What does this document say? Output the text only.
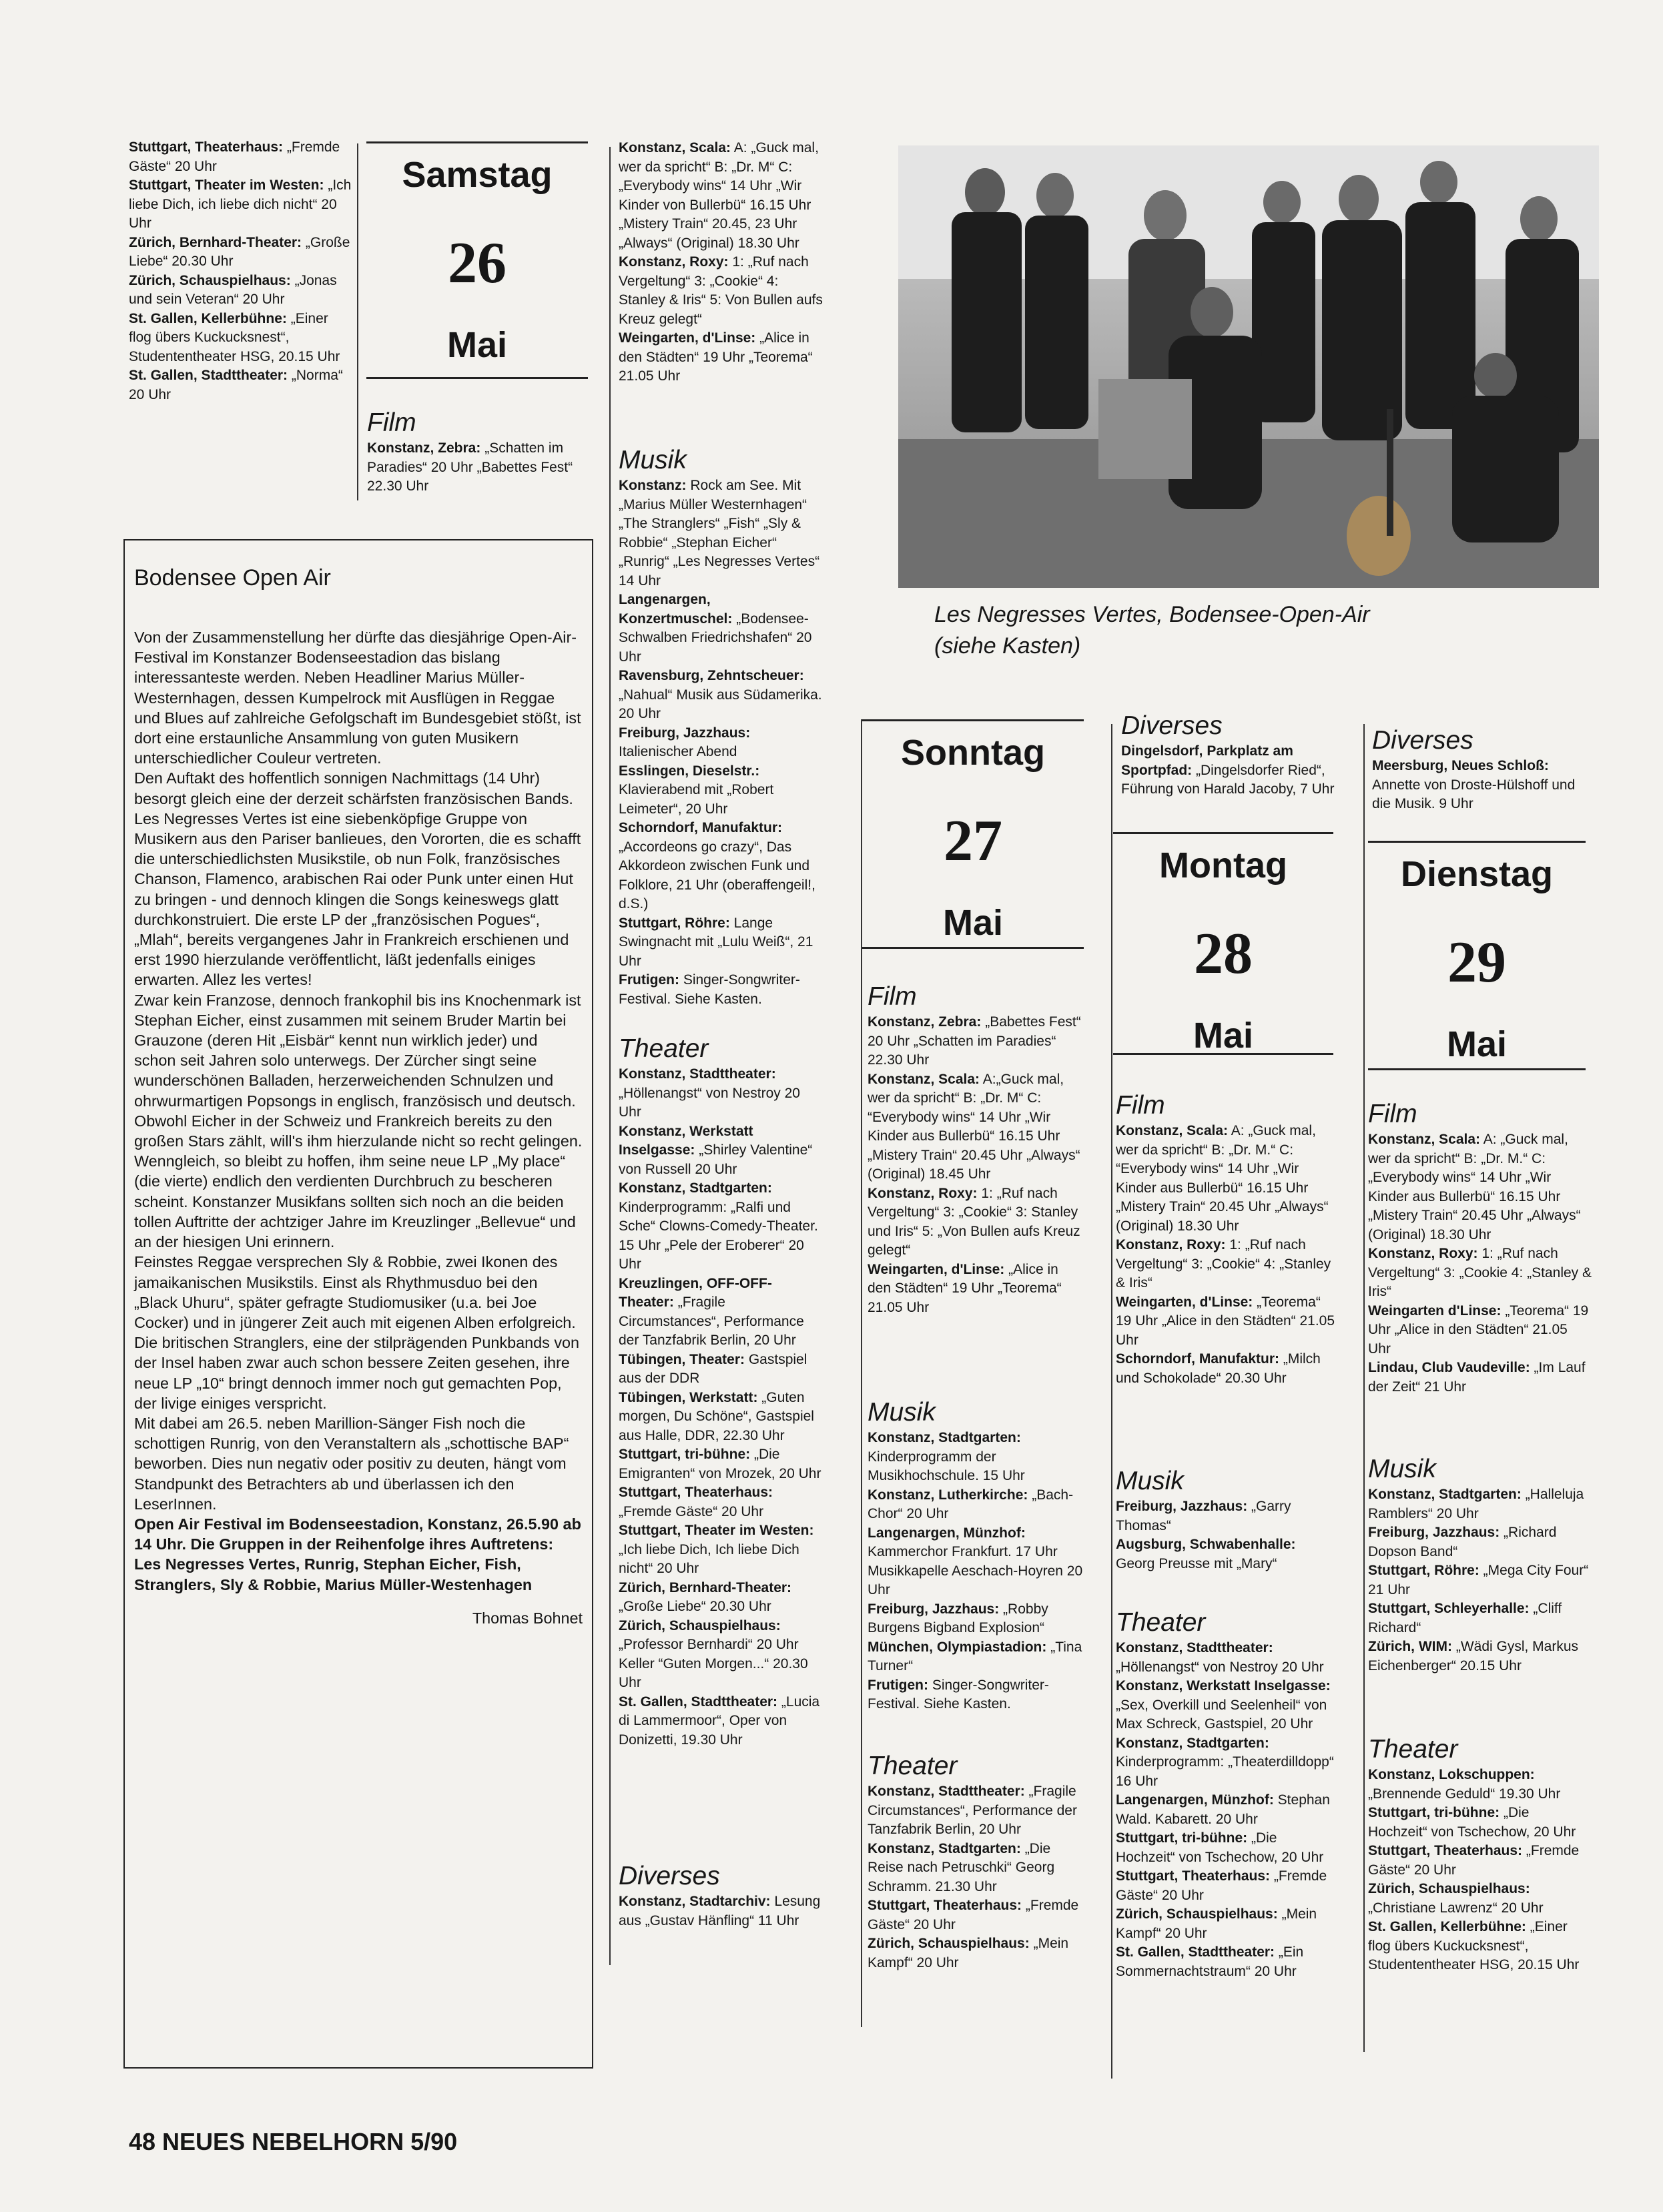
Stuttgart, Theaterhaus: „Fremde Gäste“ 20 Uhr

Stuttgart, Theater im Westen: „Ich liebe Dich, ich liebe dich nicht“ 20 Uhr

Zürich, Bernhard-Theater: „Große Liebe“ 20.30 Uhr

Zürich, Schauspielhaus: „Jonas und sein Veteran“ 20 Uhr

St. Gallen, Kellerbühne: „Einer flog übers Kuckucksnest“, Studententheater HSG, 20.15 Uhr

St. Gallen, Stadttheater: „Norma“ 20 Uhr

Samstag
26
Mai
Film

Konstanz, Zebra: „Schatten im Paradies“ 20 Uhr „Babettes Fest“ 22.30 Uhr

Konstanz, Scala: A: „Guck mal, wer da spricht“ B: „Dr. M“ C: „Everybody wins“ 14 Uhr „Wir Kinder von Bullerbü“ 16.15 Uhr „Mistery Train“ 20.45, 23 Uhr „Always“ (Original) 18.30 Uhr

Konstanz, Roxy: 1: „Ruf nach Vergeltung“ 3: „Cookie“ 4: Stanley & Iris“ 5: Von Bullen aufs Kreuz gelegt“

Weingarten, d'Linse: „Alice in den Städten“ 19 Uhr „Teorema“ 21.05 Uhr

Musik

Konstanz: Rock am See. Mit „Marius Müller Westernhagen“ „The Stranglers“ „Fish“ „Sly & Robbie“ „Stephan Eicher“ „Runrig“ „Les Negresses Vertes“ 14 Uhr

Langenargen, Konzertmuschel: „Bodensee-Schwalben Friedrichshafen“ 20 Uhr

Ravensburg, Zehntscheuer: „Nahual“ Musik aus Südamerika. 20 Uhr

Freiburg, Jazzhaus: Italienischer Abend

Esslingen, Dieselstr.: Klavierabend mit „Robert Leimeter“, 20 Uhr

Schorndorf, Manufaktur: „Accordeons go crazy“, Das Akkordeon zwischen Funk und Folklore, 21 Uhr (oberaffengeil!, d.S.)

Stuttgart, Röhre: Lange Swingnacht mit „Lulu Weiß“, 21 Uhr

Frutigen: Singer-Songwriter-Festival. Siehe Kasten.

Theater

Konstanz, Stadttheater: „Höllenangst“ von Nestroy 20 Uhr

Konstanz, Werkstatt Inselgasse: „Shirley Valentine“ von Russell 20 Uhr

Konstanz, Stadtgarten: Kinderprogramm: „Ralfi und Sche“ Clowns-Comedy-Theater. 15 Uhr „Pele der Eroberer“ 20 Uhr

Kreuzlingen, OFF-OFF-Theater: „Fragile Circumstances“, Performance der Tanzfabrik Berlin, 20 Uhr

Tübingen, Theater: Gastspiel aus der DDR

Tübingen, Werkstatt: „Guten morgen, Du Schöne“, Gastspiel aus Halle, DDR, 22.30 Uhr

Stuttgart, tri-bühne: „Die Emigranten“ von Mrozek, 20 Uhr

Stuttgart, Theaterhaus: „Fremde Gäste“ 20 Uhr

Stuttgart, Theater im Westen: „Ich liebe Dich, Ich liebe Dich nicht“ 20 Uhr

Zürich, Bernhard-Theater: „Große Liebe“ 20.30 Uhr

Zürich, Schauspielhaus: „Professor Bernhardi“ 20 Uhr Keller “Guten Morgen...“ 20.30 Uhr

St. Gallen, Stadttheater: „Lucia di Lammermoor“, Oper von Donizetti, 19.30 Uhr

Diverses

Konstanz, Stadtarchiv: Lesung aus „Gustav Hänfling“ 11 Uhr

Les Negresses Vertes, Bodensee-Open-Air
(siehe Kasten)
Sonntag
27
Mai
Film

Konstanz, Zebra: „Babettes Fest“ 20 Uhr „Schatten im Paradies“ 22.30 Uhr

Konstanz, Scala: A:„Guck mal, wer da spricht“ B: „Dr. M“ C: “Everybody wins“ 14 Uhr „Wir Kinder aus Bullerbü“ 16.15 Uhr „Mistery Train“ 20.45 Uhr „Always“ (Original) 18.45 Uhr

Konstanz, Roxy: 1: „Ruf nach Vergeltung“ 3: „Cookie“ 3: Stanley und Iris“ 5: „Von Bullen aufs Kreuz gelegt“

Weingarten, d'Linse: „Alice in den Städten“ 19 Uhr „Teorema“ 21.05 Uhr

Musik

Konstanz, Stadtgarten: Kinderprogramm der Musikhochschule. 15 Uhr

Konstanz, Lutherkirche: „Bach-Chor“ 20 Uhr

Langenargen, Münzhof: Kammerchor Frankfurt. 17 Uhr Musikkapelle Aeschach-Hoyren 20 Uhr

Freiburg, Jazzhaus: „Robby Burgens Bigband Explosion“

München, Olympiastadion: „Tina Turner“

Frutigen: Singer-Songwriter-Festival. Siehe Kasten.

Theater

Konstanz, Stadttheater: „Fragile Circumstances“, Performance der Tanzfabrik Berlin, 20 Uhr

Konstanz, Stadtgarten: „Die Reise nach Petruschki“ Georg Schramm. 21.30 Uhr

Stuttgart, Theaterhaus: „Fremde Gäste“ 20 Uhr

Zürich, Schauspielhaus: „Mein Kampf“ 20 Uhr

Diverses

Dingelsdorf, Parkplatz am Sportpfad: „Dingelsdorfer Ried“, Führung von Harald Jacoby, 7 Uhr

Montag
28
Mai
Film

Konstanz, Scala: A: „Guck mal, wer da spricht“ B: „Dr. M.“ C: “Everybody wins“ 14 Uhr „Wir Kinder aus Bullerbü“ 16.15 Uhr „Mistery Train“ 20.45 Uhr „Always“ (Original) 18.30 Uhr

Konstanz, Roxy: 1: „Ruf nach Vergeltung“ 3: „Cookie“ 4: „Stanley & Iris“

Weingarten, d'Linse: „Teorema“ 19 Uhr „Alice in den Städten“ 21.05 Uhr

Schorndorf, Manufaktur: „Milch und Schokolade“ 20.30 Uhr

Musik

Freiburg, Jazzhaus: „Garry Thomas“

Augsburg, Schwabenhalle: Georg Preusse mit „Mary“

Theater

Konstanz, Stadttheater: „Höllenangst“ von Nestroy 20 Uhr

Konstanz, Werkstatt Inselgasse: „Sex, Overkill und Seelenheil“ von Max Schreck, Gastspiel, 20 Uhr

Konstanz, Stadtgarten: Kinderprogramm: „Theaterdilldopp“ 16 Uhr

Langenargen, Münzhof: Stephan Wald. Kabarett. 20 Uhr

Stuttgart, tri-bühne: „Die Hochzeit“ von Tschechow, 20 Uhr

Stuttgart, Theaterhaus: „Fremde Gäste“ 20 Uhr

Zürich, Schauspielhaus: „Mein Kampf“ 20 Uhr

St. Gallen, Stadttheater: „Ein Sommernachtstraum“ 20 Uhr

Diverses

Meersburg, Neues Schloß: Annette von Droste-Hülshoff und die Musik. 9 Uhr

Dienstag
29
Mai
Film

Konstanz, Scala: A: „Guck mal, wer da spricht“ B: „Dr. M.“ C: „Everybody wins“ 14 Uhr „Wir Kinder aus Bullerbü“ 16.15 Uhr „Mistery Train“ 20.45 Uhr „Always“ (Original) 18.30 Uhr

Konstanz, Roxy: 1: „Ruf nach Vergeltung“ 3: „Cookie 4: „Stanley & Iris“

Weingarten d'Linse: „Teorema“ 19 Uhr „Alice in den Städten“ 21.05 Uhr

Lindau, Club Vaudeville: „Im Lauf der Zeit“ 21 Uhr

Musik

Konstanz, Stadtgarten: „Halleluja Ramblers“ 20 Uhr

Freiburg, Jazzhaus: „Richard Dopson Band“

Stuttgart, Röhre: „Mega City Four“ 21 Uhr

Stuttgart, Schleyerhalle: „Cliff Richard“

Zürich, WIM: „Wädi Gysl, Markus Eichenberger“ 20.15 Uhr

Theater

Konstanz, Lokschuppen: „Brennende Geduld“ 19.30 Uhr

Stuttgart, tri-bühne: „Die Hochzeit“ von Tschechow, 20 Uhr

Stuttgart, Theaterhaus: „Fremde Gäste“ 20 Uhr

Zürich, Schauspielhaus: „Christiane Lawrenz“ 20 Uhr

St. Gallen, Kellerbühne: „Einer flog übers Kuckucksnest“, Studententheater HSG, 20.15 Uhr

Bodensee Open Air

Von der Zusammenstellung her dürfte das diesjährige Open-Air-Festival im Konstanzer Bodenseestadion das bislang interessanteste werden. Neben Headliner Marius Müller-Westernhagen, dessen Kumpelrock mit Ausflügen in Reggae und Blues auf zahlreiche Gefolgschaft im Bundesgebiet stößt, ist dort eine erstaunliche Ansammlung von guten Musikern unterschiedlicher Couleur vertreten.

Den Auftakt des hoffentlich sonnigen Nachmittags (14 Uhr) besorgt gleich eine der derzeit schärfsten französischen Bands. Les Negresses Vertes ist eine siebenköpfige Gruppe von Musikern aus den Pariser banlieues, den Vororten, die es schafft die unterschiedlichsten Musikstile, ob nun Folk, französisches Chanson, Flamenco, arabischen Rai oder Punk unter einen Hut zu bringen - und dennoch klingen die Songs keineswegs glatt durchkonstruiert. Die erste LP der „französischen Pogues“, „Mlah“, bereits vergangenes Jahr in Frankreich erschienen und erst 1990 hierzulande veröffentlicht, läßt jedenfalls einiges erwarten. Allez les vertes!

Zwar kein Franzose, dennoch frankophil bis ins Knochenmark ist Stephan Eicher, einst zusammen mit seinem Bruder Martin bei Grauzone (deren Hit „Eisbär“ kennt nun wirklich jeder) und schon seit Jahren solo unterwegs. Der Zürcher singt seine wunderschönen Balladen, herzerweichenden Schnulzen und ohrwurmartigen Popsongs in englisch, französisch und deutsch. Obwohl Eicher in der Schweiz und Frankreich bereits zu den großen Stars zählt, will's ihm hierzulande nicht so recht gelingen. Wenngleich, so bleibt zu hoffen, ihm seine neue LP „My place“ (die vierte) endlich den verdienten Durchbruch zu bescheren scheint. Konstanzer Musikfans sollten sich noch an die beiden tollen Auftritte der achtziger Jahre im Kreuzlinger „Bellevue“ und an der hiesigen Uni erinnern.

Feinstes Reggae versprechen Sly & Robbie, zwei Ikonen des jamaikanischen Musikstils. Einst als Rhythmusduo bei den „Black Uhuru“, später gefragte Studiomusiker (u.a. bei Joe Cocker) und in jüngerer Zeit auch mit eigenen Alben erfolgreich. Die britischen Stranglers, eine der stilprägenden Punkbands von der Insel haben zwar auch schon bessere Zeiten gesehen, ihre neue LP „10“ bringt dennoch immer noch gut gemachten Pop, der livige einiges verspricht.

Mit dabei am 26.5. neben Marillion-Sänger Fish noch die schottigen Runrig, von den Veranstaltern als „schottische BAP“ beworben. Dies nun negativ oder positiv zu deuten, hängt vom Standpunkt des Betrachters ab und überlassen ich den LeserInnen.

Open Air Festival im Bodenseestadion, Konstanz, 26.5.90 ab 14 Uhr. Die Gruppen in der Reihenfolge ihres Auftretens: Les Negresses Vertes, Runrig, Stephan Eicher, Fish, Stranglers, Sly & Robbie, Marius Müller-Westenhagen

Thomas Bohnet

48 NEUES NEBELHORN 5/90
